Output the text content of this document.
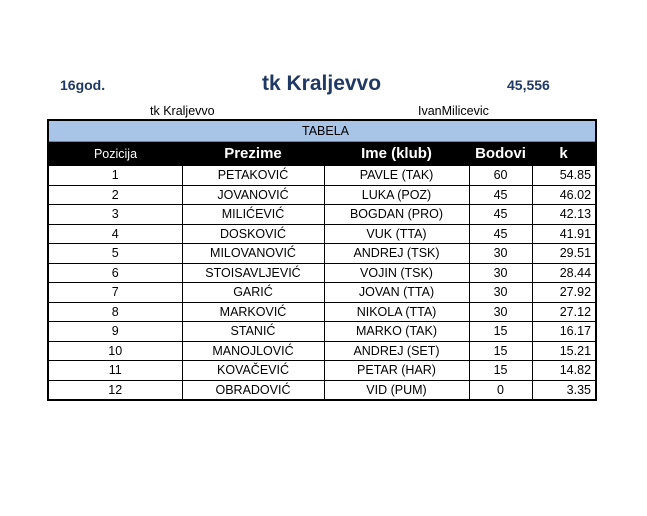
16god.	tk Kraljevvo	45,556
tk Kraljevvo	IvanMilicevic
	TABELA			
Pozicija	Prezime	Ime (klub)	Bodovi	k
1	PETAKOVIĆ	PAVLE (TAK)	60	54.85
2	JOVANOVIĆ	LUKA (POZ)	45	46.02
3	MILIĆEVIĆ	BOGDAN (PRO)	45	42.13
4	DOSKOVIĆ	VUK (TTA)	45	41.91
5	MILOVANOVIĆ	ANDREJ (TSK)	30	29.51
6	STOISAVLJEVIĆ	VOJIN (TSK)	30	28.44
7	GARIĆ	JOVAN (TTA)	30	27.92
8	MARKOVIĆ	NIKOLA (TTA)	30	27.12
9	STANIĆ	MARKO (TAK)	15	16.17
10	MANOJLOVIĆ	ANDREJ (SET)	15	15.21
11	KOVAČEVIĆ	PETAR (HAR)	15	14.82
12	OBRADOVIĆ	VID (PUM)	0	3.35
